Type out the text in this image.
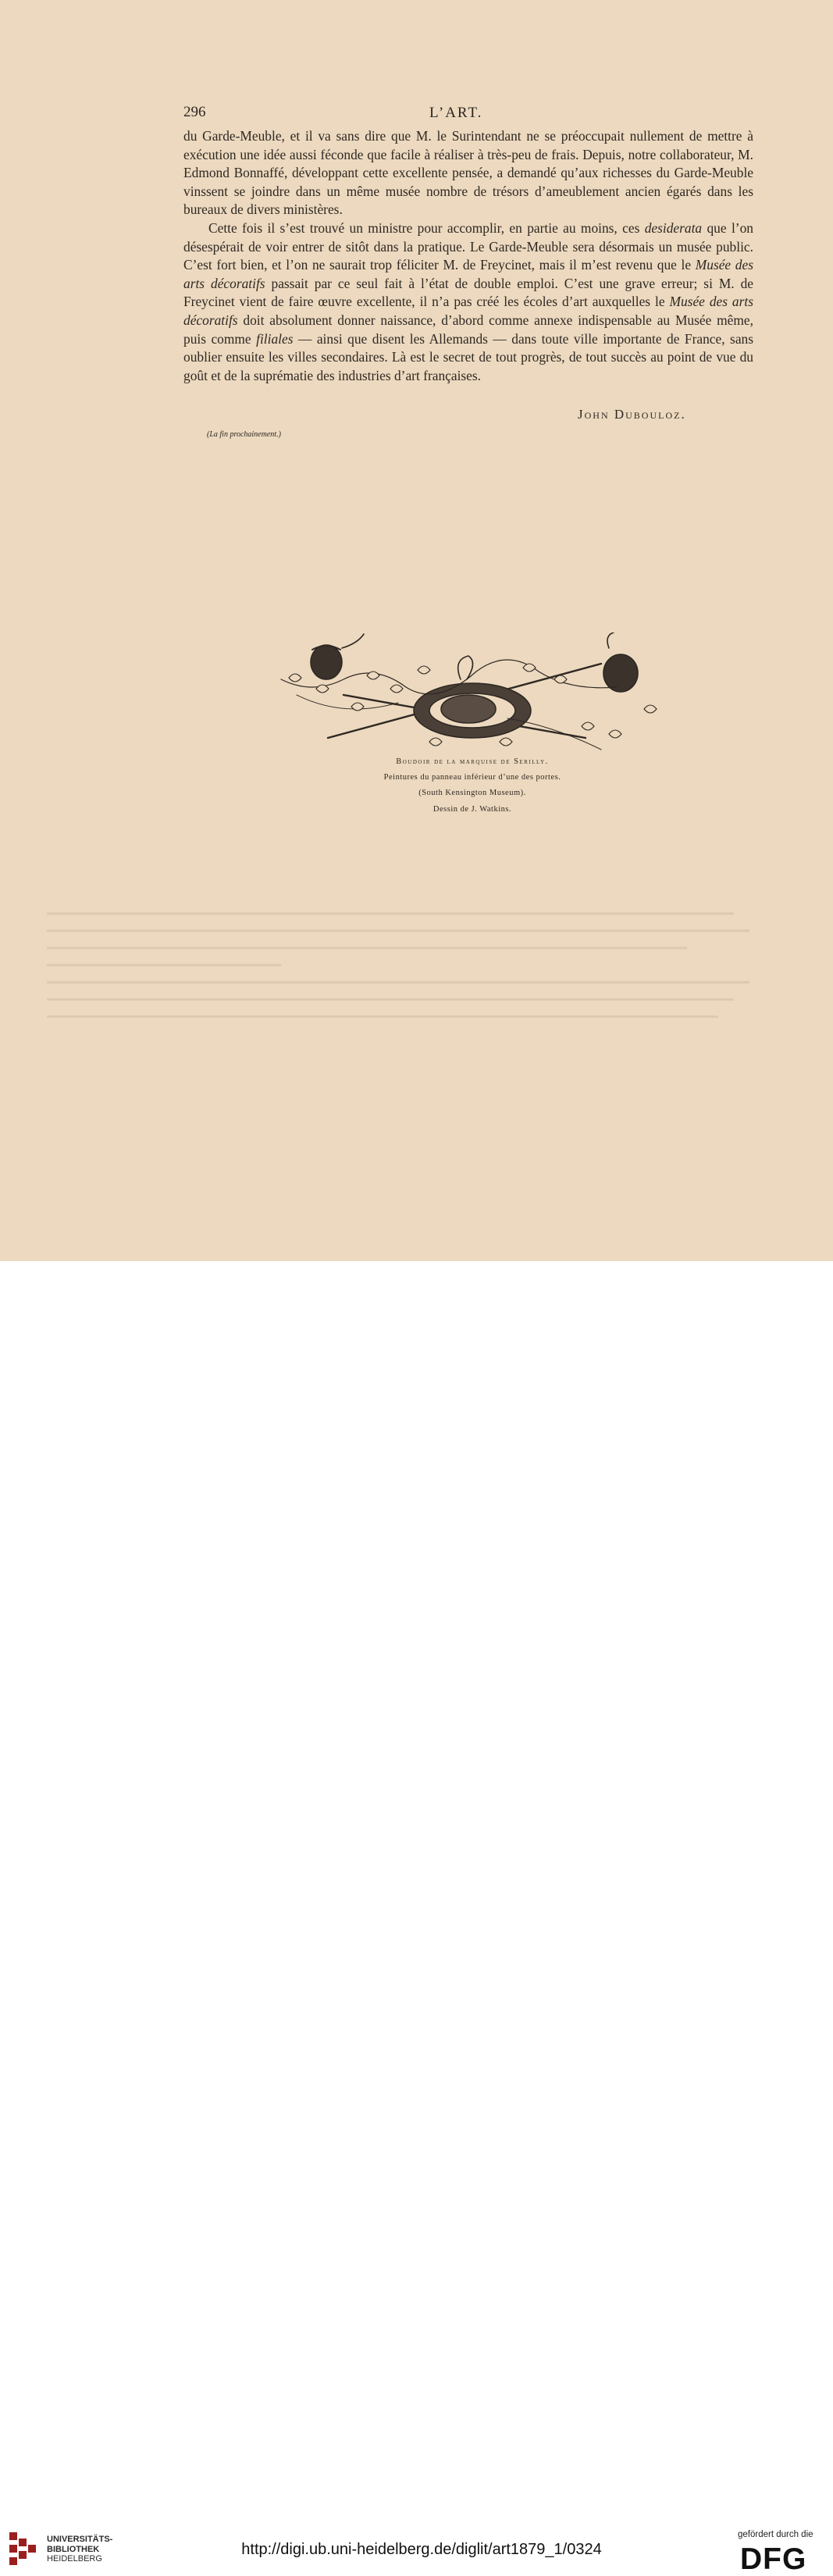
296	L’ART.

du Garde-Meuble, et il va sans dire que M. le Surintendant ne se préoccupait nullement de mettre à exécution une idée aussi féconde que facile à réaliser à très-peu de frais. Depuis, notre collaborateur, M. Edmond Bonnaffé, développant cette excellente pensée, a demandé qu’aux richesses du Garde-Meuble vinssent se joindre dans un même musée nombre de trésors d’ameublement ancien égarés dans les bureaux de divers ministères.

Cette fois il s’est trouvé un ministre pour accomplir, en partie au moins, ces desiderata que l’on désespérait de voir entrer de sitôt dans la pratique. Le Garde-Meuble sera désormais un musée public. C’est fort bien, et l’on ne saurait trop féliciter M. de Freycinet, mais il m’est revenu que le Musée des arts décoratifs passait par ce seul fait à l’état de double emploi. C’est une grave erreur; si M. de Freycinet vient de faire œuvre excellente, il n’a pas créé les écoles d’art auxquelles le Musée des arts décoratifs doit absolument donner naissance, d’abord comme annexe indispensable au Musée même, puis comme filiales — ainsi que disent les Allemands — dans toute ville importante de France, sans oublier ensuite les villes secondaires. Là est le secret de tout progrès, de tout succès au point de vue du goût et de la suprématie des industries d’art françaises.

John Dubouloz.
(La fin prochainement.)
Boudoir de la marquise de Serilly.
Peintures du panneau inférieur d’une des portes.
(South Kensington Museum).
Dessin de J. Watkins.
UNIVERSITÄTS-
BIBLIOTHEK
HEIDELBERG
http://digi.ub.uni-heidelberg.de/diglit/art1879_1/0324
gefördert durch die
DFG
